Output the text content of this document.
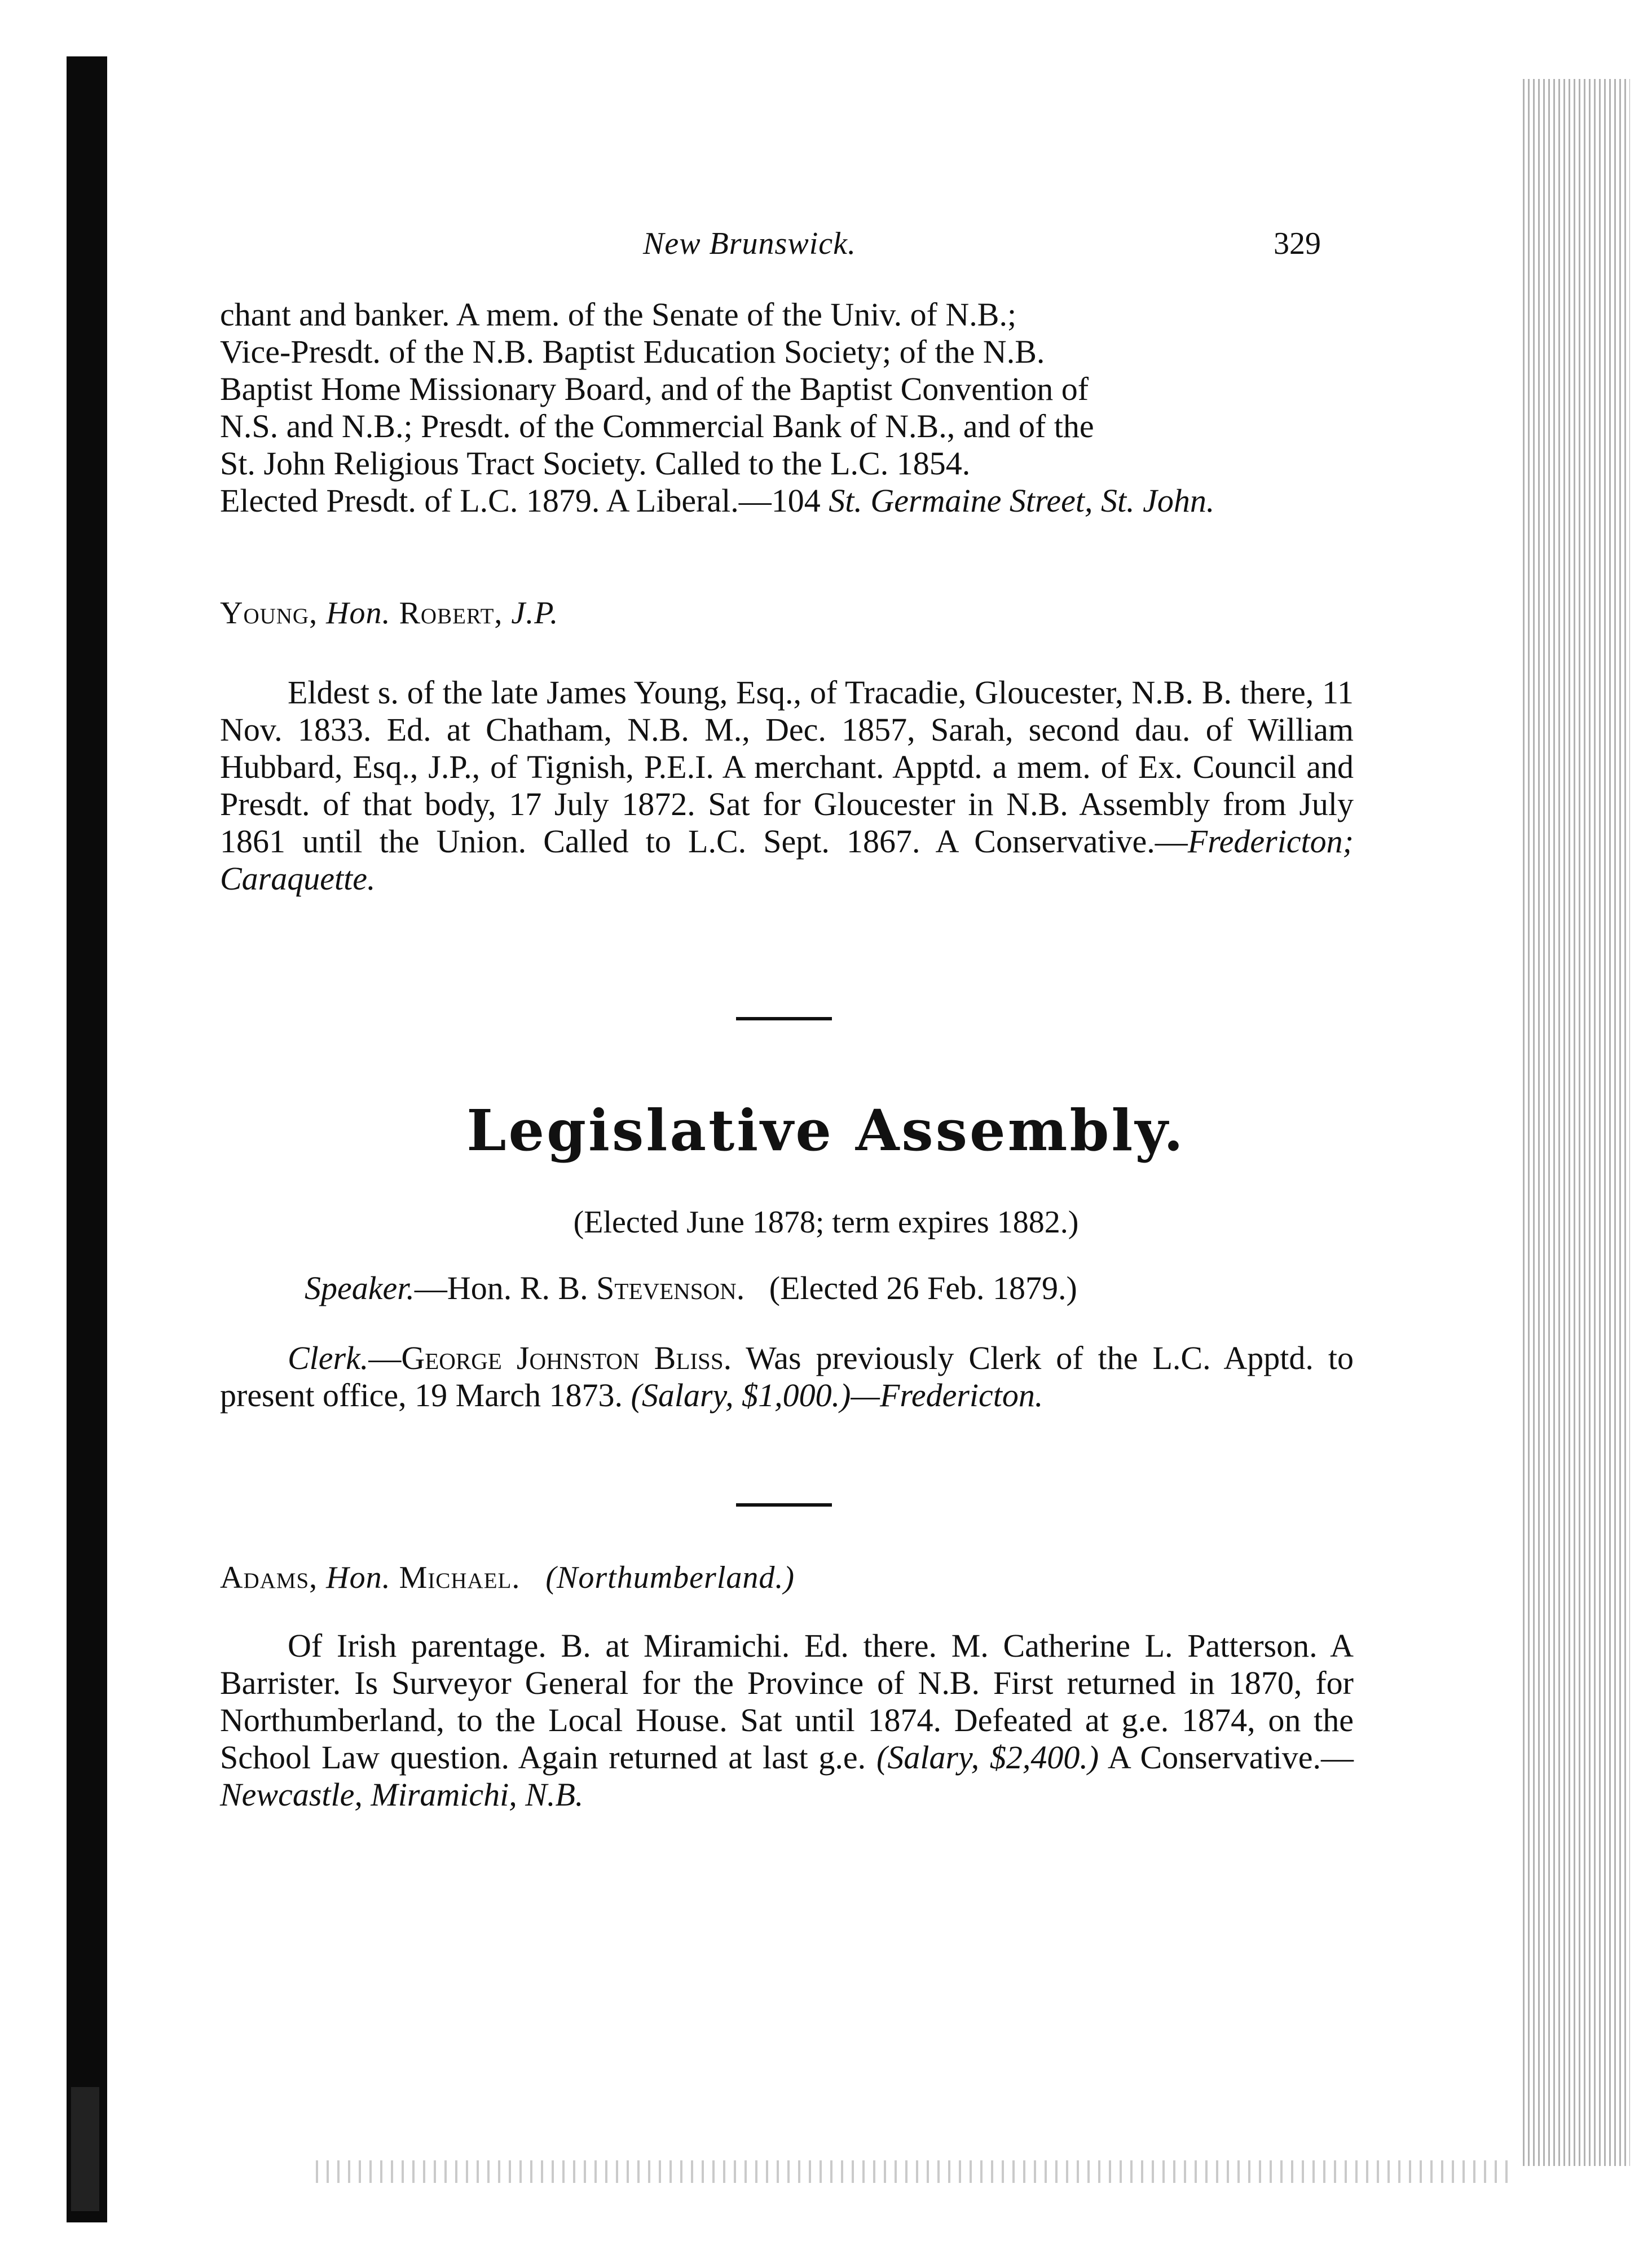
New Brunswick.	329

chant and banker. A mem. of the Senate of the Univ. of N.B.;

Vice-Presdt. of the N.B. Baptist Education Society; of the N.B.

Baptist Home Missionary Board, and of the Baptist Convention of

N.S. and N.B.; Presdt. of the Commercial Bank of N.B., and of the

St. John Religious Tract Society. Called to the L.C. 1854.

Elected Presdt. of L.C. 1879. A Liberal.—104 St. Germaine Street, St. John.

Young, Hon. Robert, J.P.

Eldest s. of the late James Young, Esq., of Tracadie, Gloucester, N.B. B. there, 11 Nov. 1833. Ed. at Chatham, N.B. M., Dec. 1857, Sarah, second dau. of William Hubbard, Esq., J.P., of Tignish, P.E.I. A merchant. Apptd. a mem. of Ex. Council and Presdt. of that body, 17 July 1872. Sat for Gloucester in N.B. Assembly from July 1861 until the Union. Called to L.C. Sept. 1867. A Conservative.—Fredericton; Caraquette.

Legislative Assembly.
(Elected June 1878; term expires 1882.)
Speaker.—Hon. R. B. Stevenson. (Elected 26 Feb. 1879.)

Clerk.—George Johnston Bliss. Was previously Clerk of the L.C. Apptd. to present office, 19 March 1873. (Salary, $1,000.)—Fredericton.

Adams, Hon. Michael. (Northumberland.)

Of Irish parentage. B. at Miramichi. Ed. there. M. Catherine L. Patterson. A Barrister. Is Surveyor General for the Province of N.B. First returned in 1870, for Northumberland, to the Local House. Sat until 1874. Defeated at g.e. 1874, on the School Law question. Again returned at last g.e. (Salary, $2,400.) A Conservative.—Newcastle, Miramichi, N.B.
